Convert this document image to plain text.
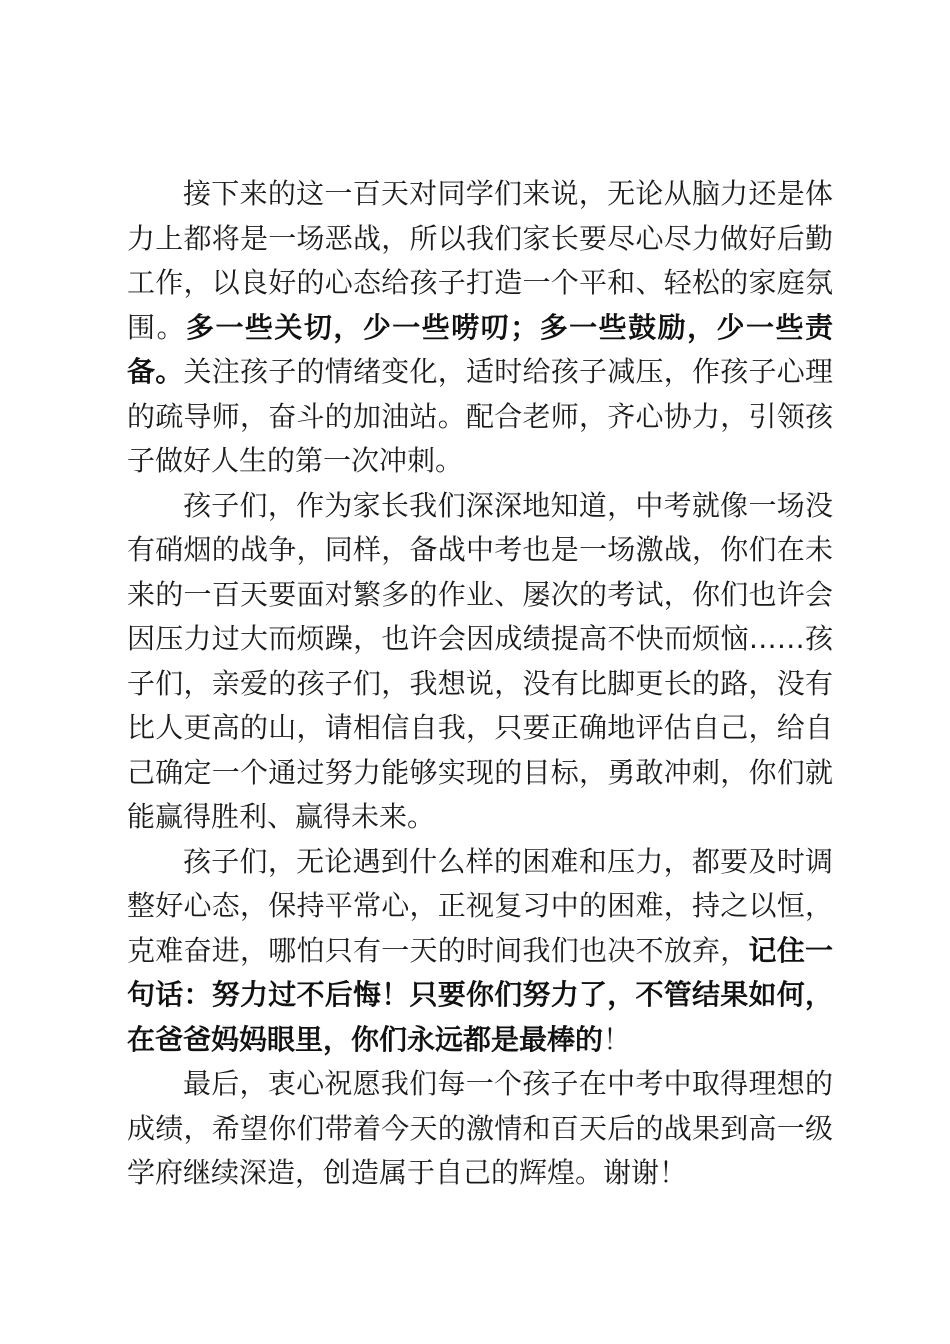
接下来的这一百天对同学们来说，无论从脑力还是体力上都将是一场恶战，所以我们家长要尽心尽力做好后勤工作，以良好的心态给孩子打造一个平和、轻松的家庭氛围。多一些关切，少一些唠叨；多一些鼓励，少一些责备。关注孩子的情绪变化，适时给孩子减压，作孩子心理的疏导师，奋斗的加油站。配合老师，齐心协力，引领孩子做好人生的第一次冲刺。

孩子们，作为家长我们深深地知道，中考就像一场没有硝烟的战争，同样，备战中考也是一场激战，你们在未来的一百天要面对繁多的作业、屡次的考试，你们也许会因压力过大而烦躁，也许会因成绩提高不快而烦恼……孩子们，亲爱的孩子们，我想说，没有比脚更长的路，没有比人更高的山，请相信自我，只要正确地评估自己，给自己确定一个通过努力能够实现的目标，勇敢冲刺，你们就能赢得胜利、赢得未来。

孩子们，无论遇到什么样的困难和压力，都要及时调整好心态，保持平常心，正视复习中的困难，持之以恒，克难奋进，哪怕只有一天的时间我们也决不放弃，记住一句话：努力过不后悔！只要你们努力了，不管结果如何，在爸爸妈妈眼里，你们永远都是最棒的！

最后，衷心祝愿我们每一个孩子在中考中取得理想的成绩，希望你们带着今天的激情和百天后的战果到高一级学府继续深造，创造属于自己的辉煌。谢谢！
